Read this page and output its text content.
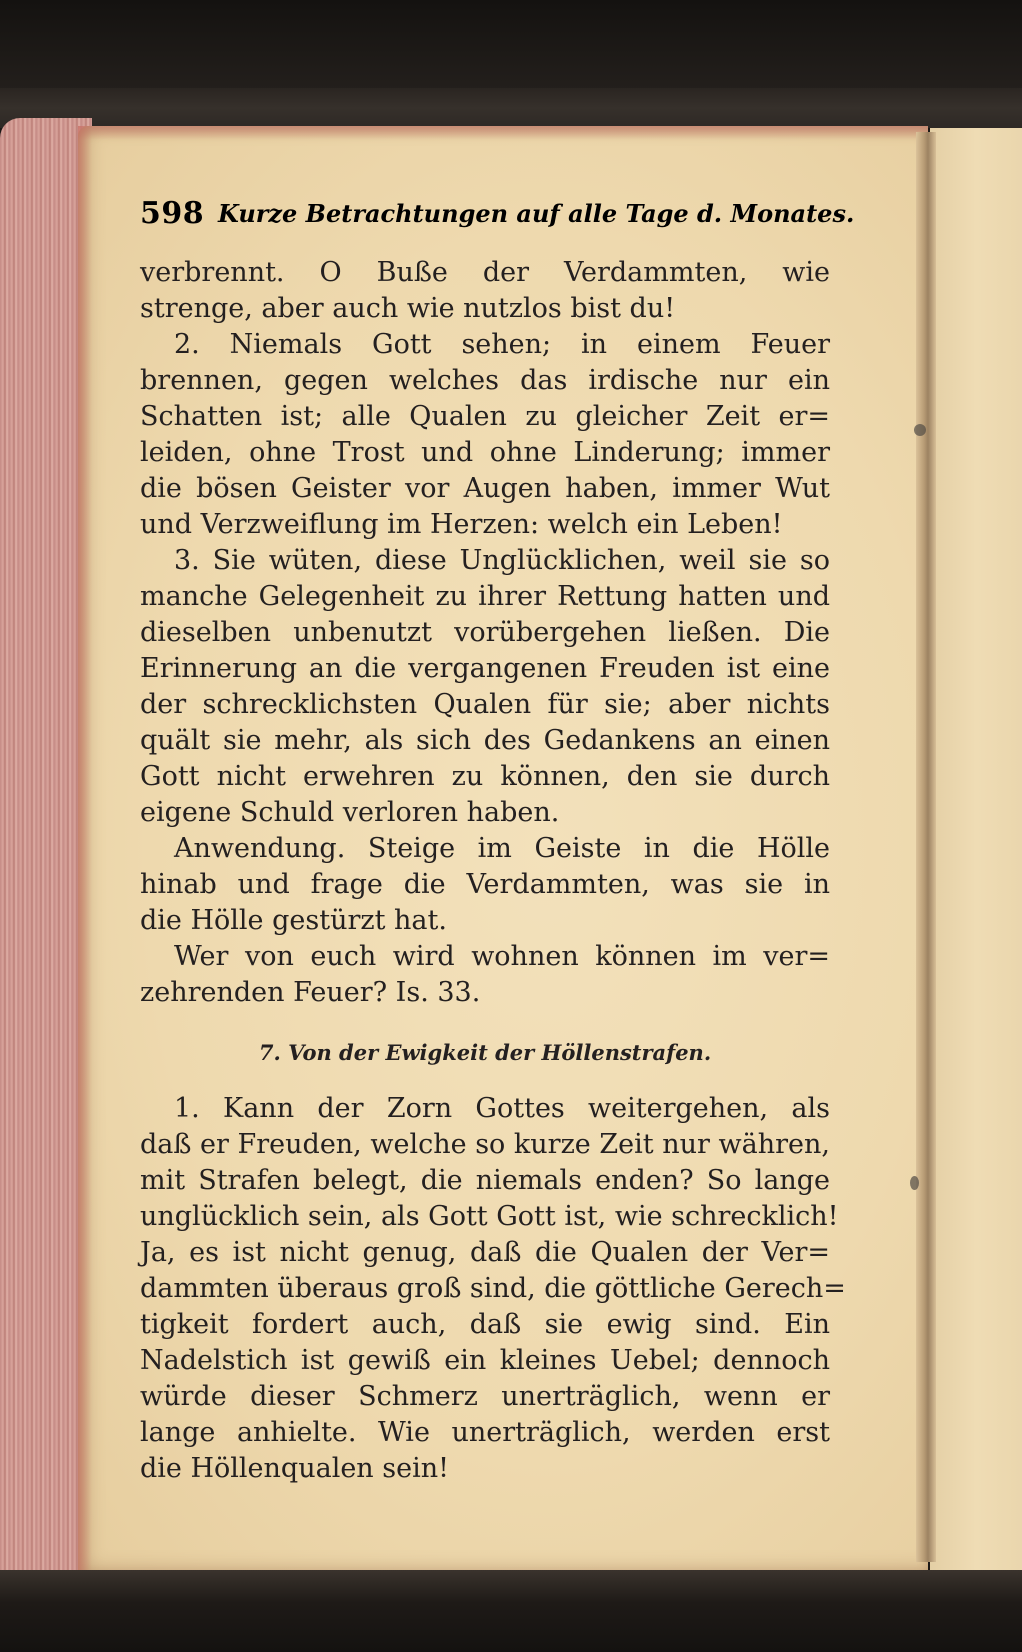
598 Kurze Betrachtungen auf alle Tage d. Monates.
verbrennt. O Buße der Verdammten, wie
strenge, aber auch wie nutzlos bist du!
2. Niemals Gott sehen; in einem Feuer
brennen, gegen welches das irdische nur ein
Schatten ist; alle Qualen zu gleicher Zeit er=
leiden, ohne Trost und ohne Linderung; immer
die bösen Geister vor Augen haben, immer Wut
und Verzweiflung im Herzen: welch ein Leben!
3. Sie wüten, diese Unglücklichen, weil sie so
manche Gelegenheit zu ihrer Rettung hatten und
dieselben unbenutzt vorübergehen ließen. Die
Erinnerung an die vergangenen Freuden ist eine
der schrecklichsten Qualen für sie; aber nichts
quält sie mehr, als sich des Gedankens an einen
Gott nicht erwehren zu können, den sie durch
eigene Schuld verloren haben.
Anwendung. Steige im Geiste in die Hölle
hinab und frage die Verdammten, was sie in
die Hölle gestürzt hat.
Wer von euch wird wohnen können im ver=
zehrenden Feuer? Is. 33.
7. Von der Ewigkeit der Höllenstrafen.
1. Kann der Zorn Gottes weitergehen, als
daß er Freuden, welche so kurze Zeit nur währen,
mit Strafen belegt, die niemals enden? So lange
unglücklich sein, als Gott Gott ist, wie schrecklich!
Ja, es ist nicht genug, daß die Qualen der Ver=
dammten überaus groß sind, die göttliche Gerech=
tigkeit fordert auch, daß sie ewig sind. Ein
Nadelstich ist gewiß ein kleines Uebel; dennoch
würde dieser Schmerz unerträglich, wenn er
lange anhielte. Wie unerträglich, werden erst
die Höllenqualen sein!
